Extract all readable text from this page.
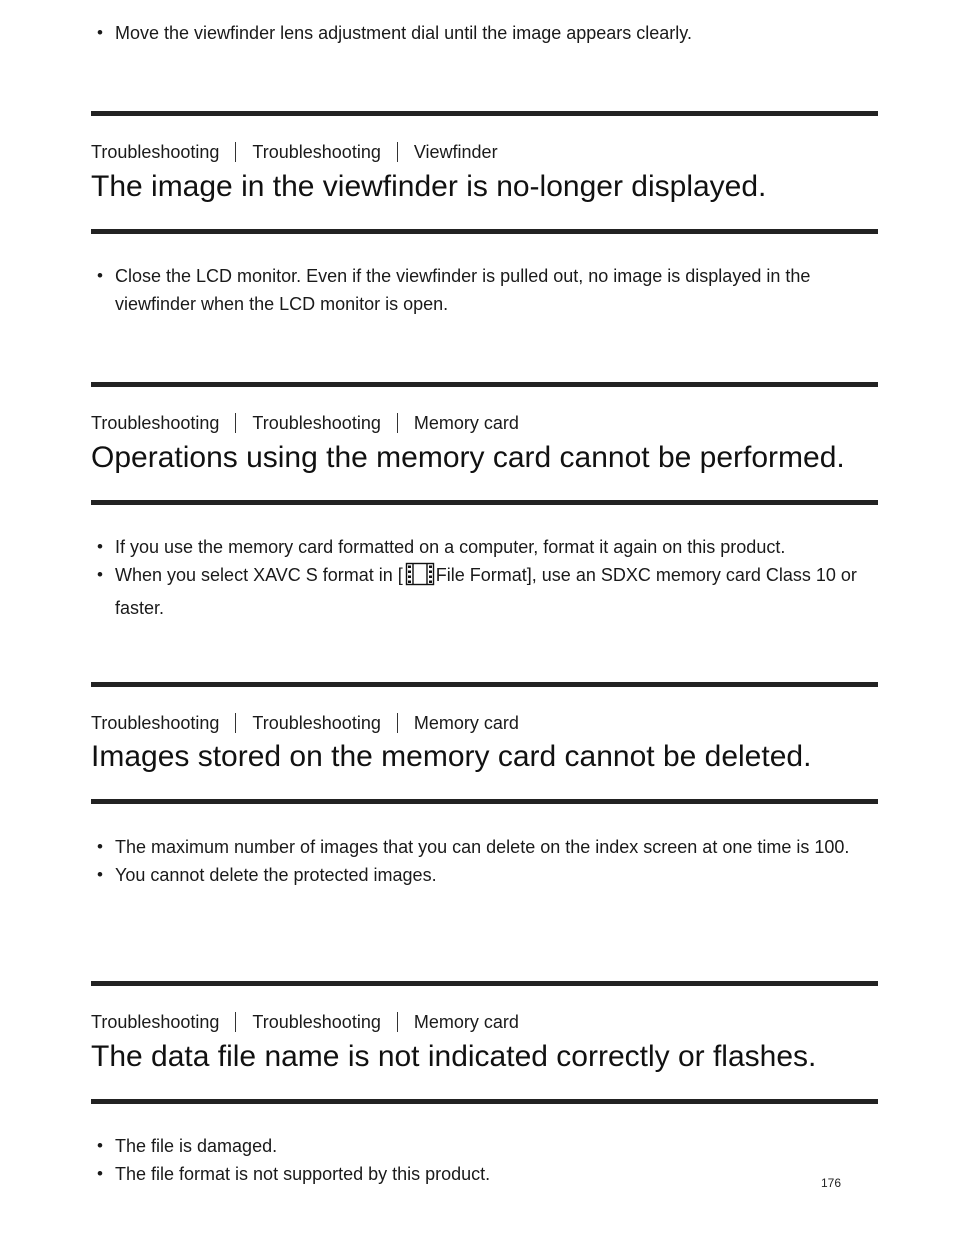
• Move the viewfinder lens adjustment dial until the image appears clearly.
Troubleshooting Troubleshooting Viewfinder
The image in the viewfinder is no-longer displayed.
• Close the LCD monitor. Even if the viewfinder is pulled out, no image is displayed in the viewfinder when the LCD monitor is open.
Troubleshooting Troubleshooting Memory card
Operations using the memory card cannot be performed.
• If you use the memory card formatted on a computer, format it again on this product.
• When you select XAVC S format in [ File Format], use an SDXC memory card Class 10 or faster.
Troubleshooting Troubleshooting Memory card
Images stored on the memory card cannot be deleted.
• The maximum number of images that you can delete on the index screen at one time is 100.
• You cannot delete the protected images.
Troubleshooting Troubleshooting Memory card
The data file name is not indicated correctly or flashes.
• The file is damaged.
• The file format is not supported by this product.	176
